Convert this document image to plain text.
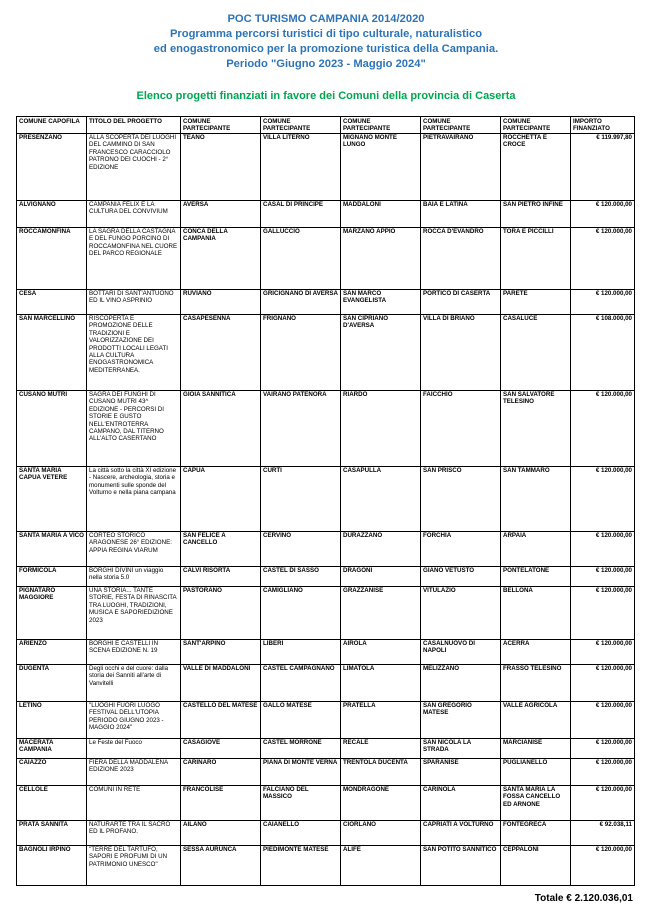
POC TURISMO CAMPANIA 2014/2020
Programma percorsi turistici di tipo culturale, naturalistico
ed enogastronomico per la promozione turistica della Campania.
Periodo "Giugno 2023 - Maggio 2024"
Elenco progetti finanziati in favore dei Comuni della provincia di Caserta
COMUNE CAPOFILA	TITOLO DEL PROGETTO	COMUNE PARTECIPANTE	COMUNE PARTECIPANTE	COMUNE PARTECIPANTE	COMUNE PARTECIPANTE	COMUNE PARTECIPANTE	IMPORTO FINANZIATO
PRESENZANO	ALLA SCOPERTA DEI LUOGHI DEL CAMMINO DI SAN FRANCESCO CARACCIOLO PATRONO DEI CUOCHI - 2° EDIZIONE	TEANO	VILLA LITERNO	MIGNANO MONTE LUNGO	PIETRAVAIRANO	ROCCHETTA E CROCE	€ 119.997,80
ALVIGNANO	CAMPANIA FELIX E LA CULTURA DEL CONVIVIUM	AVERSA	CASAL DI PRINCIPE	MADDALONI	BAIA E LATINA	SAN PIETRO INFINE	€ 120.000,00
ROCCAMONFINA	LA SAGRA DELLA CASTAGNA E DEL FUNGO PORCINO DI ROCCAMONFINA NEL CUORE DEL PARCO REGIONALE	CONCA DELLA CAMPANIA	GALLUCCIO	MARZANO APPIO	ROCCA D'EVANDRO	TORA E PICCILLI	€ 120.000,00
CESA	BOTTARI DI SANT'ANTUONO ED IL VINO ASPRINIO	RUVIANO	GRICIGNANO DI AVERSA	SAN MARCO EVANGELISTA	PORTICO DI CASERTA	PARETE	€ 120.000,00
SAN MARCELLINO	RISCOPERTA E PROMOZIONE DELLE TRADIZIONI E VALORIZZAZIONE DEI PRODOTTI LOCALI LEGATI ALLA CULTURA ENOGASTRONOMICA MEDITERRANEA.	CASAPESENNA	FRIGNANO	SAN CIPRIANO D'AVERSA	VILLA DI BRIANO	CASALUCE	€ 108.000,00
CUSANO MUTRI	SAGRA DEI FUNGHI DI CUSANO MUTRI 43^ EDIZIONE - PERCORSI DI STORIE E GUSTO NELL'ENTROTERRA CAMPANO, DAL TITERNO ALL'ALTO CASERTANO	GIOIA SANNITICA	VAIRANO PATENORA	RIARDO	FAICCHIO	SAN SALVATORE TELESINO	€ 120.000,00
SANTA MARIA CAPUA VETERE	La città sotto la città XI edizione - Nascere, archeologia, storia e monumenti sulle sponde del Volturno e nella piana campana	CAPUA	CURTI	CASAPULLA	SAN PRISCO	SAN TAMMARO	€ 120.000,00
SANTA MARIA A VICO	CORTEO STORICO ARAGONESE 26° EDIZIONE: APPIA REGINA VIARUM	SAN FELICE A CANCELLO	CERVINO	DURAZZANO	FORCHIA	ARPAIA	€ 120.000,00
FORMICOLA	BORGHI DIVINI un viaggio nella storia 5.0	CALVI RISORTA	CASTEL DI SASSO	DRAGONI	GIANO VETUSTO	PONTELATONE	€ 120.000,00
PIGNATARO MAGGIORE	UNA STORIA... TANTE STORIE, FESTA DI RINASCITA TRA LUOGHI, TRADIZIONI, MUSICA E SAPORIEDIZIONE 2023	PASTORANO	CAMIGLIANO	GRAZZANISE	VITULAZIO	BELLONA	€ 120.000,00
ARIENZO	BORGHI E CASTELLI IN SCENA EDIZIONE N. 19	SANT'ARPINO	LIBERI	AIROLA	CASALNUOVO DI NAPOLI	ACERRA	€ 120.000,00
DUGENTA	Degli occhi e del cuore: dalla storia dei Sanniti all'arte di Vanvitelli	VALLE DI MADDALONI	CASTEL CAMPAGNANO	LIMATOLA	MELIZZANO	FRASSO TELESINO	€ 120.000,00
LETINO	"LUOGHI FUORI LUOGO FESTIVAL DELL'UTOPIA PERIODO GIUGNO 2023 - MAGGIO 2024"	CASTELLO DEL MATESE	GALLO MATESE	PRATELLA	SAN GREGORIO MATESE	VALLE AGRICOLA	€ 120.000,00
MACERATA CAMPANIA	Le Feste del Fuoco	CASAGIOVE	CASTEL MORRONE	RECALE	SAN NICOLA LA STRADA	MARCIANISE	€ 120.000,00
CAIAZZO	FIERA DELLA MADDALENA EDIZIONE 2023	CARINARO	PIANA DI MONTE VERNA	TRENTOLA DUCENTA	SPARANISE	PUGLIANELLO	€ 120.000,00
CELLOLE	COMUNI IN RETE	FRANCOLISE	FALCIANO DEL MASSICO	MONDRAGONE	CARINOLA	SANTA MARIA LA FOSSA CANCELLO ED ARNONE	€ 120.000,00
PRATA SANNITA	NATURARTE TRA IL SACRO ED IL PROFANO.	AILANO	CAIANELLO	CIORLANO	CAPRIATI A VOLTURNO	FONTEGRECA	€ 92.038,11
BAGNOLI IRPINO	"TERRE DEL TARTUFO, SAPORI E PROFUMI DI UN PATRIMONIO UNESCO"	SESSA AURUNCA	PIEDIMONTE MATESE	ALIFE	SAN POTITO SANNITICO	CEPPALONI	€ 120.000,00
Totale € 2.120.036,01
